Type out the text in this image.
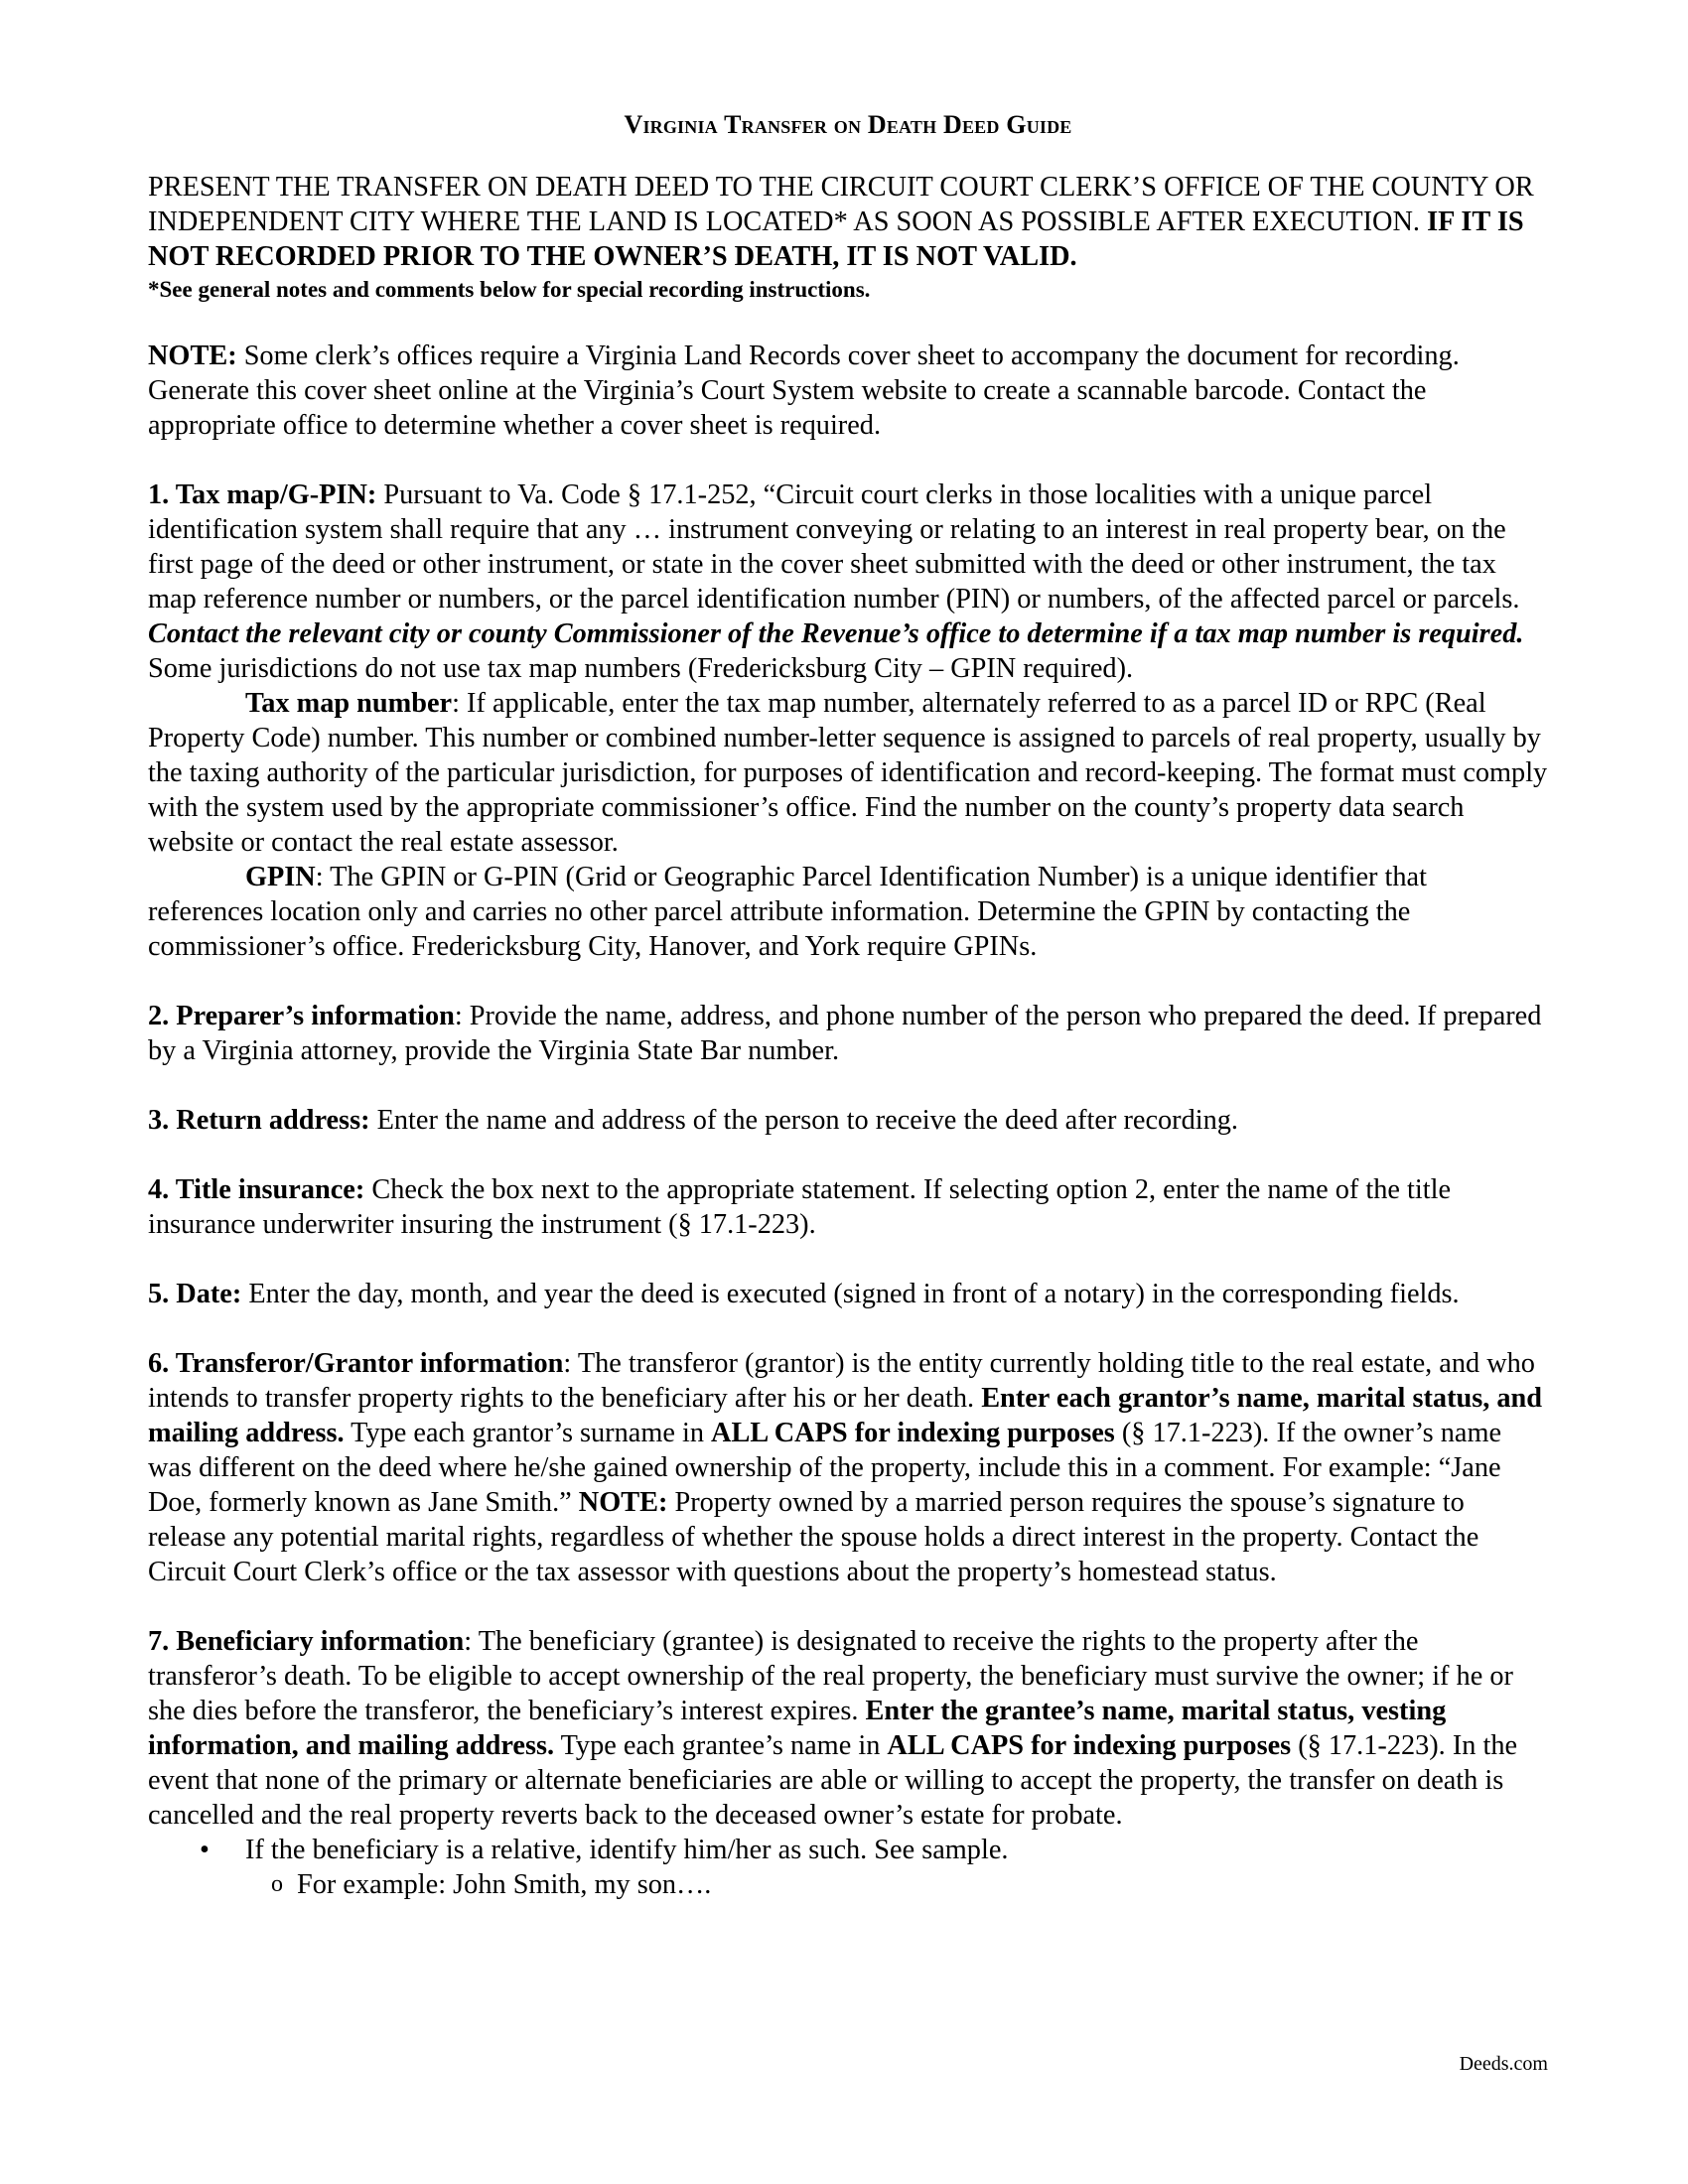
Virginia Transfer on Death Deed Guide

PRESENT THE TRANSFER ON DEATH DEED TO THE CIRCUIT COURT CLERK’S OFFICE OF THE COUNTY OR INDEPENDENT CITY WHERE THE LAND IS LOCATED* AS SOON AS POSSIBLE AFTER EXECUTION. IF IT IS NOT RECORDED PRIOR TO THE OWNER’S DEATH, IT IS NOT VALID.

*See general notes and comments below for special recording instructions.

NOTE: Some clerk’s offices require a Virginia Land Records cover sheet to accompany the document for recording. Generate this cover sheet online at the Virginia’s Court System website to create a scannable barcode. Contact the appropriate office to determine whether a cover sheet is required.

1. Tax map/G-PIN: Pursuant to Va. Code § 17.1-252, “Circuit court clerks in those localities with a unique parcel identification system shall require that any … instrument conveying or relating to an interest in real property bear, on the first page of the deed or other instrument, or state in the cover sheet submitted with the deed or other instrument, the tax map reference number or numbers, or the parcel identification number (PIN) or numbers, of the affected parcel or parcels. Contact the relevant city or county Commissioner of the Revenue’s office to determine if a tax map number is required. Some jurisdictions do not use tax map numbers (Fredericksburg City – GPIN required).

Tax map number: If applicable, enter the tax map number, alternately referred to as a parcel ID or RPC (Real Property Code) number. This number or combined number-letter sequence is assigned to parcels of real property, usually by the taxing authority of the particular jurisdiction, for purposes of identification and record-keeping. The format must comply with the system used by the appropriate commissioner’s office. Find the number on the county’s property data search website or contact the real estate assessor.

GPIN: The GPIN or G-PIN (Grid or Geographic Parcel Identification Number) is a unique identifier that references location only and carries no other parcel attribute information. Determine the GPIN by contacting the commissioner’s office. Fredericksburg City, Hanover, and York require GPINs.

2. Preparer’s information: Provide the name, address, and phone number of the person who prepared the deed. If prepared by a Virginia attorney, provide the Virginia State Bar number.

3. Return address: Enter the name and address of the person to receive the deed after recording.

4. Title insurance: Check the box next to the appropriate statement. If selecting option 2, enter the name of the title insurance underwriter insuring the instrument (§ 17.1-223).

5. Date: Enter the day, month, and year the deed is executed (signed in front of a notary) in the corresponding fields.

6. Transferor/Grantor information: The transferor (grantor) is the entity currently holding title to the real estate, and who intends to transfer property rights to the beneficiary after his or her death. Enter each grantor’s name, marital status, and mailing address. Type each grantor’s surname in ALL CAPS for indexing purposes (§ 17.1-223). If the owner’s name was different on the deed where he/she gained ownership of the property, include this in a comment. For example: “Jane Doe, formerly known as Jane Smith.” NOTE: Property owned by a married person requires the spouse’s signature to release any potential marital rights, regardless of whether the spouse holds a direct interest in the property. Contact the Circuit Court Clerk’s office or the tax assessor with questions about the property’s homestead status.

7. Beneficiary information: The beneficiary (grantee) is designated to receive the rights to the property after the transferor’s death. To be eligible to accept ownership of the real property, the beneficiary must survive the owner; if he or she dies before the transferor, the beneficiary’s interest expires. Enter the grantee’s name, marital status, vesting information, and mailing address. Type each grantee’s name in ALL CAPS for indexing purposes (§ 17.1-223). In the event that none of the primary or alternate beneficiaries are able or willing to accept the property, the transfer on death is cancelled and the real property reverts back to the deceased owner’s estate for probate.

• If the beneficiary is a relative, identify him/her as such. See sample.
o For example: John Smith, my son….
Deeds.com
